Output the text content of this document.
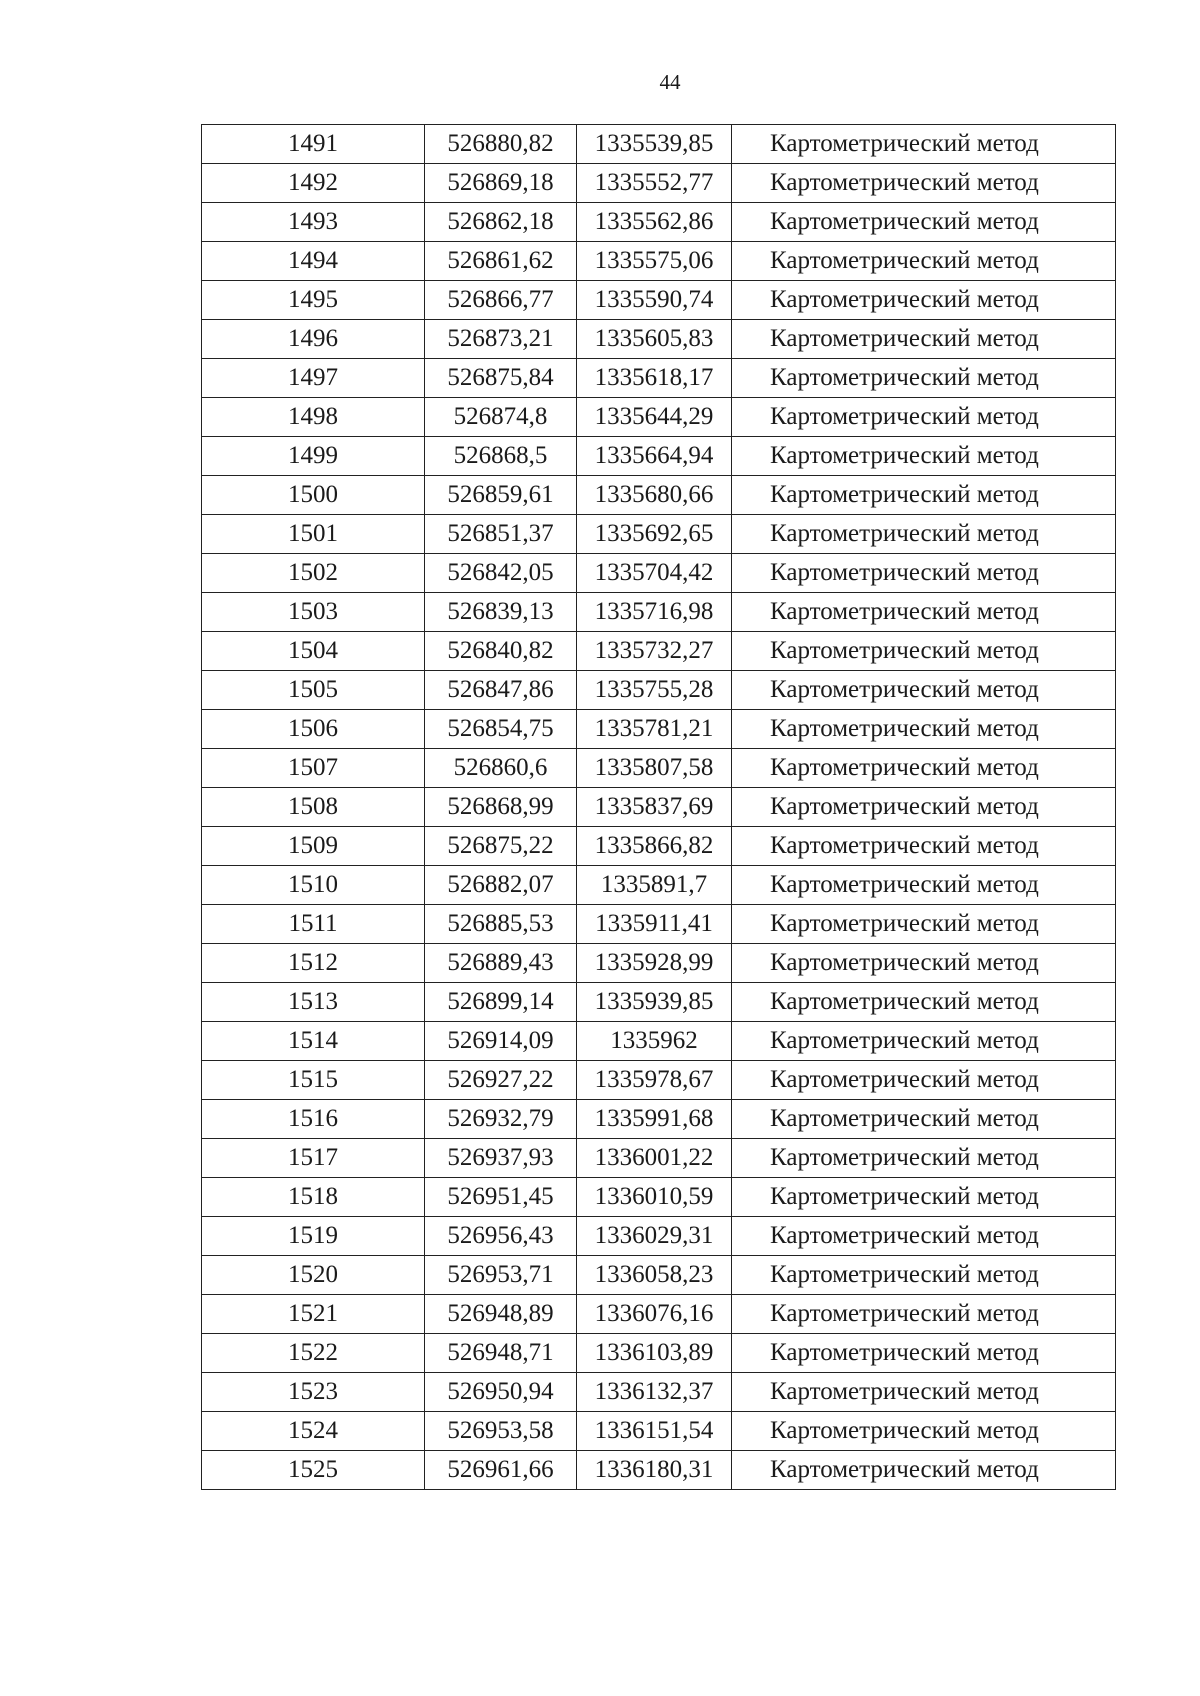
44
1491	526880,82	1335539,85	Картометрический метод
1492	526869,18	1335552,77	Картометрический метод
1493	526862,18	1335562,86	Картометрический метод
1494	526861,62	1335575,06	Картометрический метод
1495	526866,77	1335590,74	Картометрический метод
1496	526873,21	1335605,83	Картометрический метод
1497	526875,84	1335618,17	Картометрический метод
1498	526874,8	1335644,29	Картометрический метод
1499	526868,5	1335664,94	Картометрический метод
1500	526859,61	1335680,66	Картометрический метод
1501	526851,37	1335692,65	Картометрический метод
1502	526842,05	1335704,42	Картометрический метод
1503	526839,13	1335716,98	Картометрический метод
1504	526840,82	1335732,27	Картометрический метод
1505	526847,86	1335755,28	Картометрический метод
1506	526854,75	1335781,21	Картометрический метод
1507	526860,6	1335807,58	Картометрический метод
1508	526868,99	1335837,69	Картометрический метод
1509	526875,22	1335866,82	Картометрический метод
1510	526882,07	1335891,7	Картометрический метод
1511	526885,53	1335911,41	Картометрический метод
1512	526889,43	1335928,99	Картометрический метод
1513	526899,14	1335939,85	Картометрический метод
1514	526914,09	1335962	Картометрический метод
1515	526927,22	1335978,67	Картометрический метод
1516	526932,79	1335991,68	Картометрический метод
1517	526937,93	1336001,22	Картометрический метод
1518	526951,45	1336010,59	Картометрический метод
1519	526956,43	1336029,31	Картометрический метод
1520	526953,71	1336058,23	Картометрический метод
1521	526948,89	1336076,16	Картометрический метод
1522	526948,71	1336103,89	Картометрический метод
1523	526950,94	1336132,37	Картометрический метод
1524	526953,58	1336151,54	Картометрический метод
1525	526961,66	1336180,31	Картометрический метод
